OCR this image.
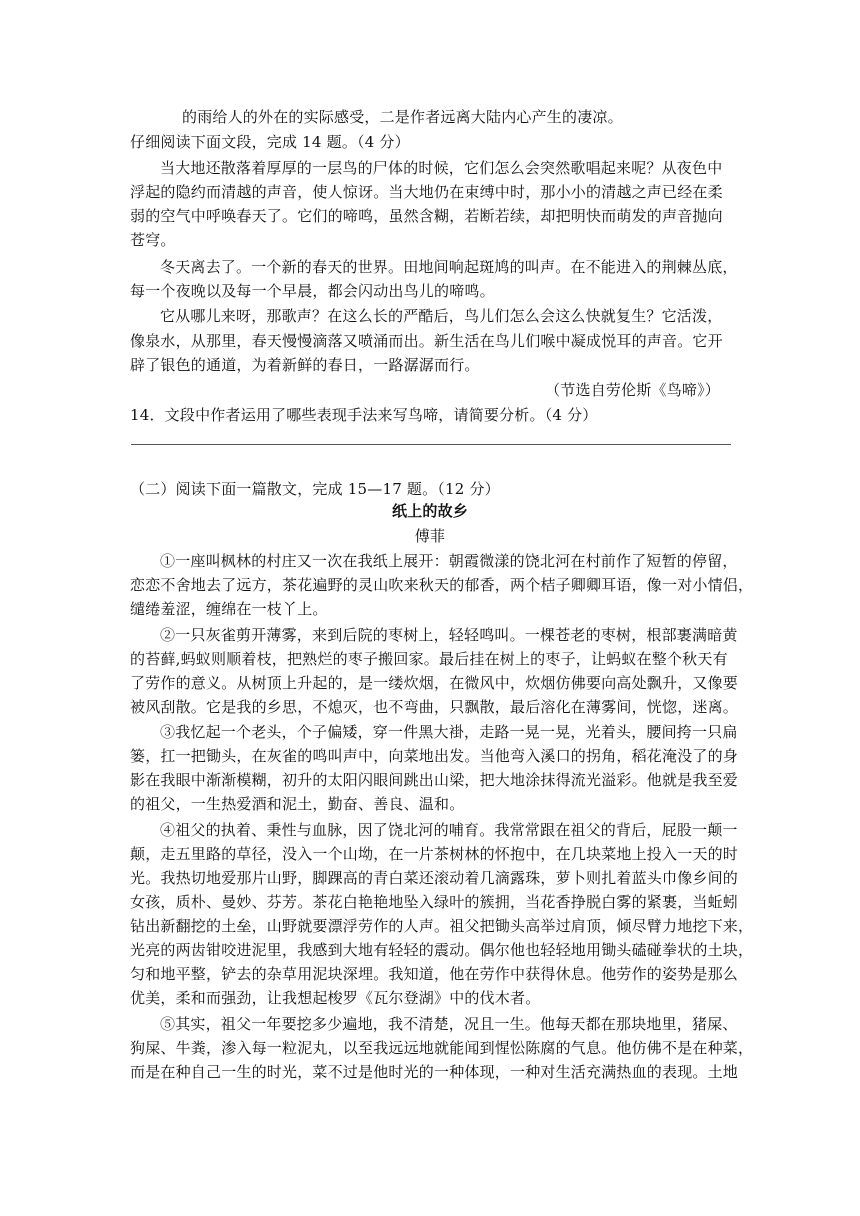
的雨给人的外在的实际感受，二是作者远离大陆内心产生的凄凉。

仔细阅读下面文段，完成 14 题。（4 分）

当大地还散落着厚厚的一层鸟的尸体的时候，它们怎么会突然歌唱起来呢？从夜色中

浮起的隐约而清越的声音，使人惊讶。当大地仍在束缚中时，那小小的清越之声已经在柔

弱的空气中呼唤春天了。它们的啼鸣，虽然含糊，若断若续，却把明快而萌发的声音抛向

苍穹。

冬天离去了。一个新的春天的世界。田地间响起斑鸠的叫声。在不能进入的荆棘丛底，

每一个夜晚以及每一个早晨，都会闪动出鸟儿的啼鸣。

它从哪儿来呀，那歌声？在这么长的严酷后，鸟儿们怎么会这么快就复生？它活泼，

像泉水，从那里，春天慢慢滴落又喷涌而出。新生活在鸟儿们喉中凝成悦耳的声音。它开

辟了银色的通道，为着新鲜的春日，一路潺潺而行。

（节选自劳伦斯《鸟啼》）

14．文段中作者运用了哪些表现手法来写鸟啼，请简要分析。（4 分）

（二）阅读下面一篇散文，完成 15—17 题。（12 分）

纸上的故乡

傅菲

①一座叫枫林的村庄又一次在我纸上展开：朝霞微漾的饶北河在村前作了短暂的停留，

恋恋不舍地去了远方，茶花遍野的灵山吹来秋天的郁香，两个桔子卿卿耳语，像一对小情侣，

缱绻羞涩，缠绵在一枝丫上。

②一只灰雀剪开薄雾，来到后院的枣树上，轻轻鸣叫。一棵苍老的枣树，根部裹满暗黄

的苔藓,蚂蚁则顺着枝，把熟烂的枣子搬回家。最后挂在树上的枣子，让蚂蚁在整个秋天有

了劳作的意义。从树顶上升起的，是一缕炊烟，在微风中，炊烟仿佛要向高处飘升，又像要

被风刮散。它是我的乡思，不熄灭，也不弯曲，只飘散，最后溶化在薄雾间，恍惚，迷离。

③我忆起一个老头，个子偏矮，穿一件黑大褂，走路一晃一晃，光着头，腰间挎一只扁

篓，扛一把锄头，在灰雀的鸣叫声中，向菜地出发。当他弯入溪口的拐角，稻花淹没了的身

影在我眼中渐渐模糊，初升的太阳闪眼间跳出山梁，把大地涂抹得流光溢彩。他就是我至爱

的祖父，一生热爱酒和泥土，勤奋、善良、温和。

④祖父的执着、秉性与血脉，因了饶北河的哺育。我常常跟在祖父的背后，屁股一颠一

颠，走五里路的草径，没入一个山坳，在一片茶树林的怀抱中，在几块菜地上投入一天的时

光。我热切地爱那片山野，脚踝高的青白菜还滚动着几滴露珠，萝卜则扎着蓝头巾像乡间的

女孩，质朴、曼妙、芬芳。茶花白艳艳地坠入绿叶的簇拥，当花香挣脱白雾的紧裹，当蚯蚓

钻出新翻挖的土垒，山野就要漂浮劳作的人声。祖父把锄头高举过肩顶，倾尽臂力地挖下来，

光亮的两齿钳咬进泥里，我感到大地有轻轻的震动。偶尔他也轻轻地用锄头磕碰拳状的土块，

匀和地平整，铲去的杂草用泥块深埋。我知道，他在劳作中获得休息。他劳作的姿势是那么

优美，柔和而强劲，让我想起梭罗《瓦尔登湖》中的伐木者。

⑤其实，祖父一年要挖多少遍地，我不清楚，况且一生。他每天都在那块地里，猪屎、

狗屎、牛粪，渗入每一粒泥丸，以至我远远地就能闻到惺忪陈腐的气息。他仿佛不是在种菜，

而是在种自己一生的时光，菜不过是他时光的一种体现，一种对生活充满热血的表现。土地
